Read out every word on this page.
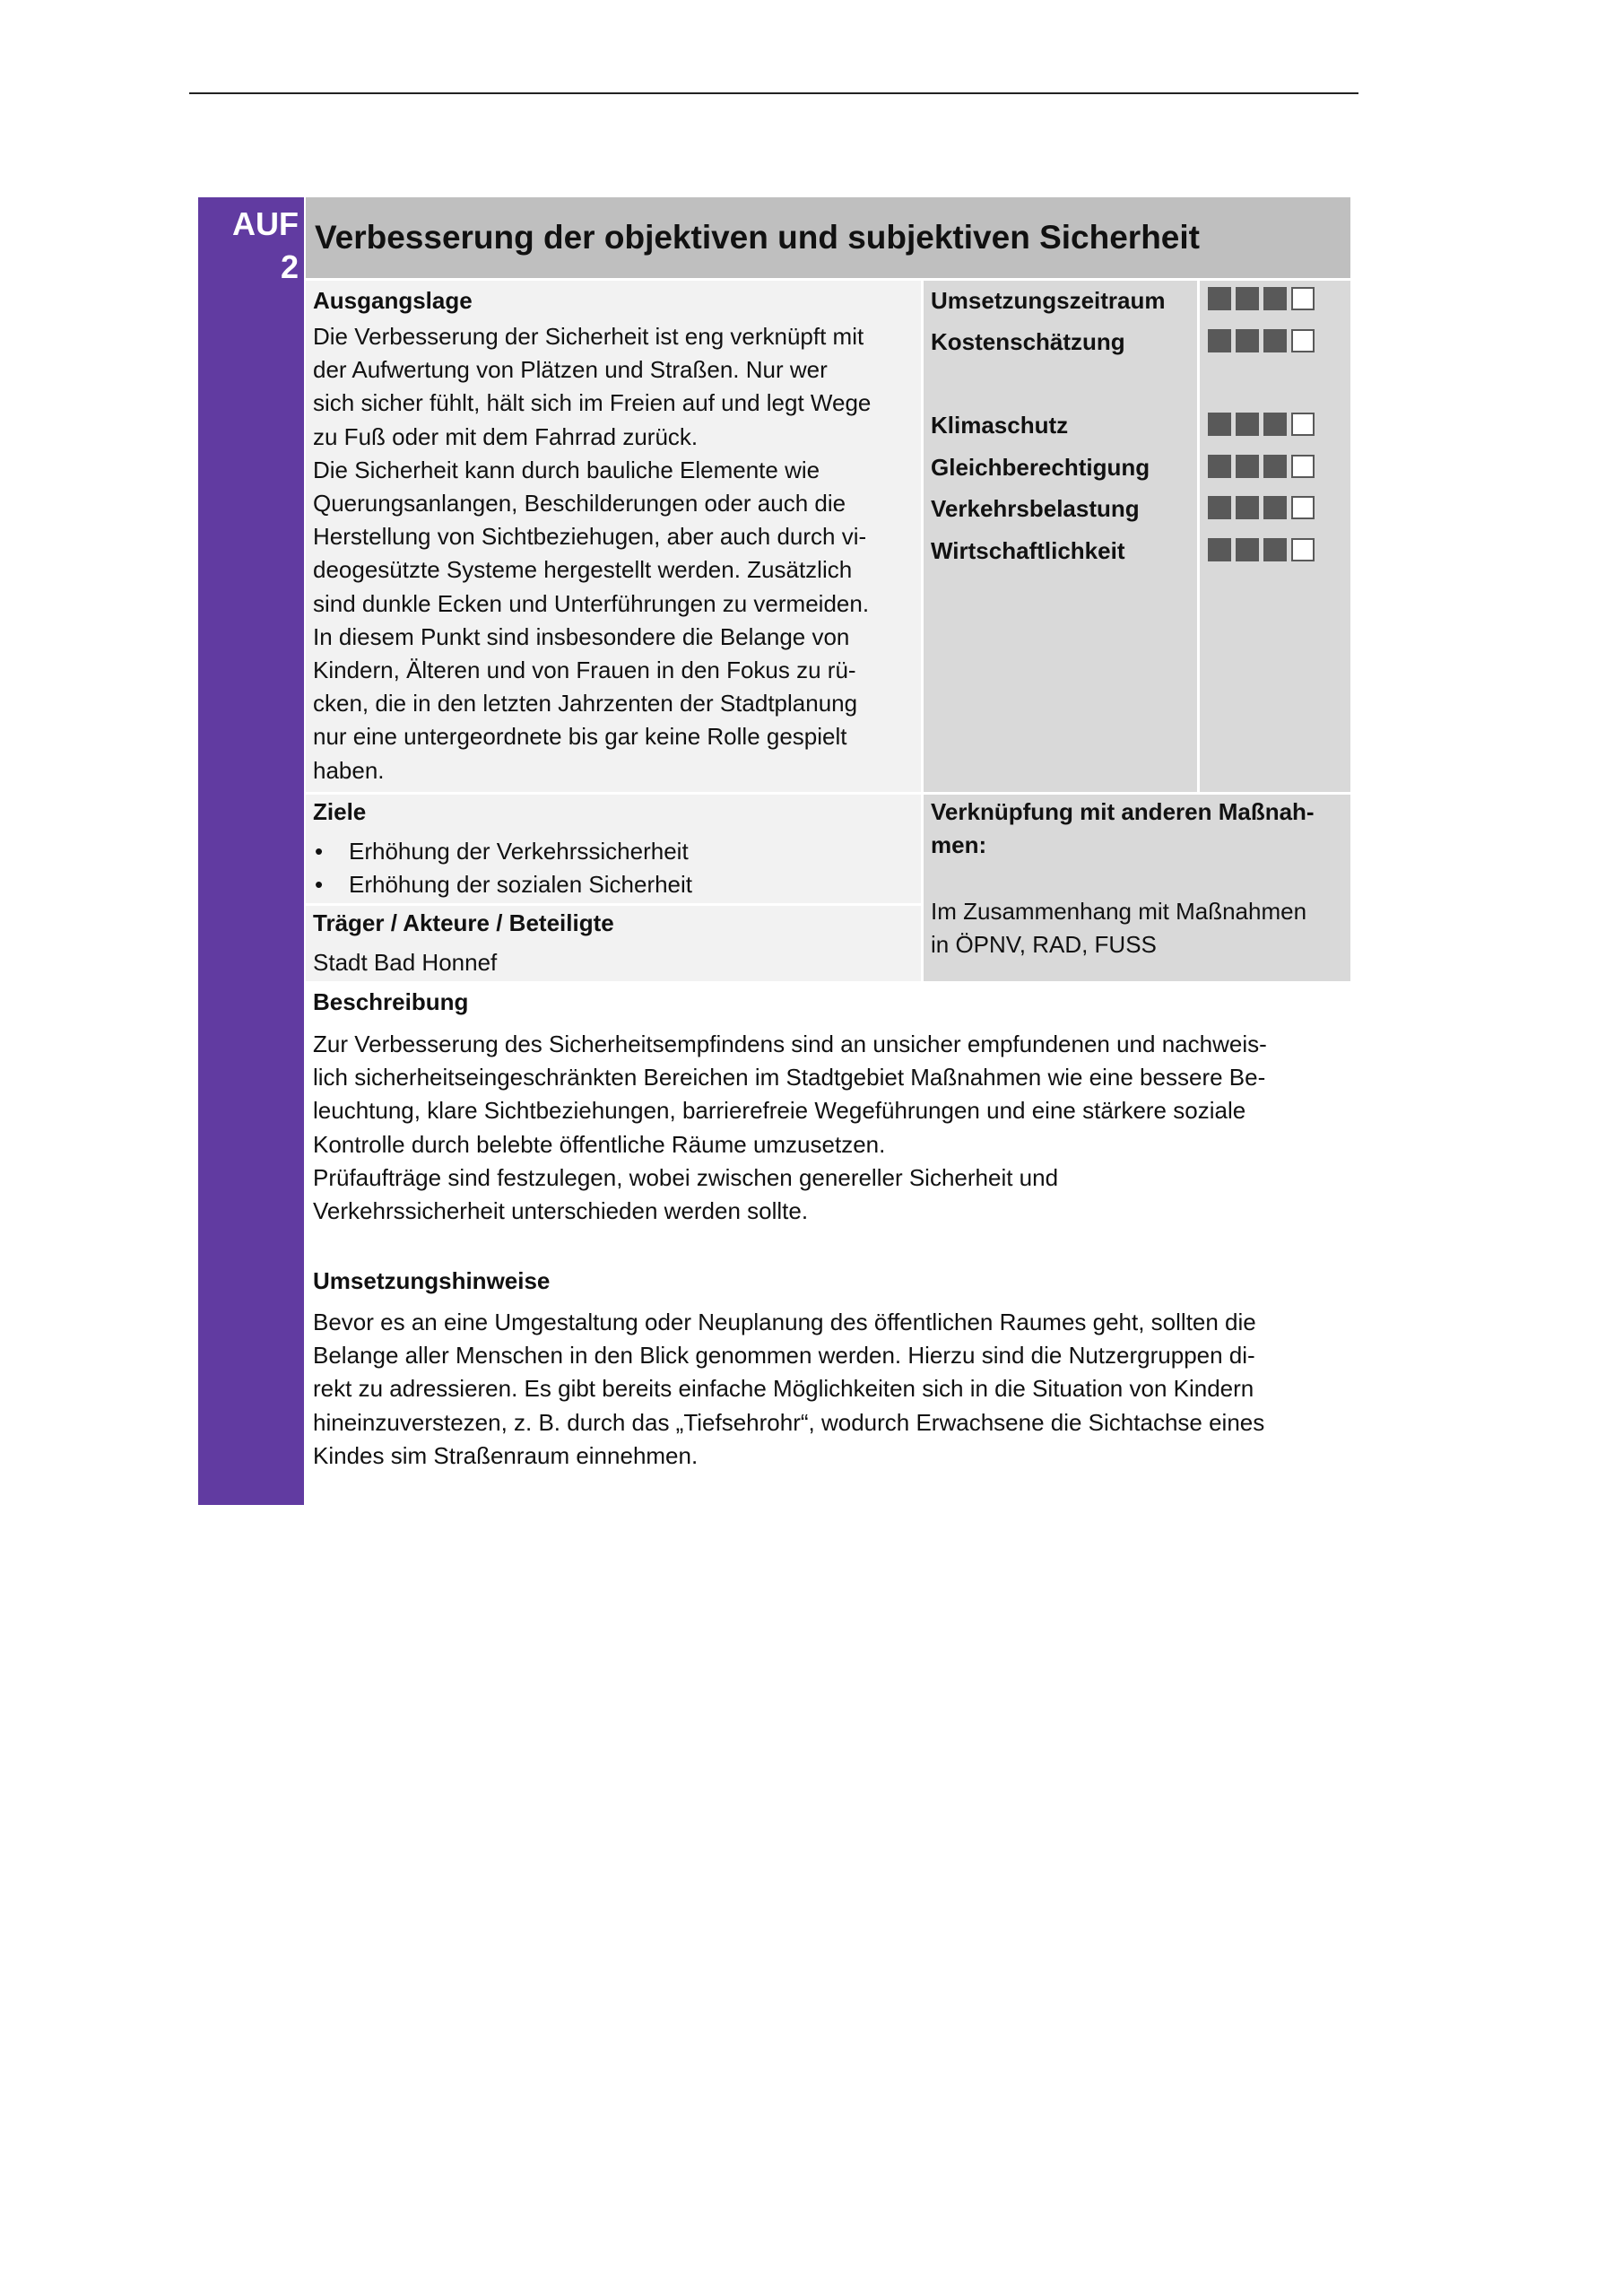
AUF
2
Verbesserung der objektiven und subjektiven Sicherheit
Ausgangslage
Die Verbesserung der Sicherheit ist eng verknüpft mit
der Aufwertung von Plätzen und Straßen. Nur wer
sich sicher fühlt, hält sich im Freien auf und legt Wege
zu Fuß oder mit dem Fahrrad zurück.
Die Sicherheit kann durch bauliche Elemente wie
Querungsanlangen, Beschilderungen oder auch die
Herstellung von Sichtbeziehugen, aber auch durch vi-
deogesützte Systeme hergestellt werden. Zusätzlich
sind dunkle Ecken und Unterführungen zu vermeiden.
In diesem Punkt sind insbesondere die Belange von
Kindern, Älteren und von Frauen in den Fokus zu rü-
cken, die in den letzten Jahrzenten der Stadtplanung
nur eine untergeordnete bis gar keine Rolle gespielt
haben.
Umsetzungszeitraum
Kostenschätzung
Klimaschutz
Gleichberechtigung
Verkehrsbelastung
Wirtschaftlichkeit
Ziele
• Erhöhung der Verkehrssicherheit
• Erhöhung der sozialen Sicherheit
Träger / Akteure / Beteiligte
Stadt Bad Honnef
Verknüpfung mit anderen Maßnah-
men:
Im Zusammenhang mit Maßnahmen
in ÖPNV, RAD, FUSS
Beschreibung
Zur Verbesserung des Sicherheitsempfindens sind an unsicher empfundenen und nachweis-
lich sicherheitseingeschränkten Bereichen im Stadtgebiet Maßnahmen wie eine bessere Be-
leuchtung, klare Sichtbeziehungen, barrierefreie Wegeführungen und eine stärkere soziale
Kontrolle durch belebte öffentliche Räume umzusetzen.
Prüfaufträge sind festzulegen, wobei zwischen genereller Sicherheit und
Verkehrssicherheit unterschieden werden sollte.
Umsetzungshinweise
Bevor es an eine Umgestaltung oder Neuplanung des öffentlichen Raumes geht, sollten die
Belange aller Menschen in den Blick genommen werden. Hierzu sind die Nutzergruppen di-
rekt zu adressieren. Es gibt bereits einfache Möglichkeiten sich in die Situation von Kindern
hineinzuverstezen, z. B. durch das „Tiefsehrohr“, wodurch Erwachsene die Sichtachse eines
Kindes sim Straßenraum einnehmen.
